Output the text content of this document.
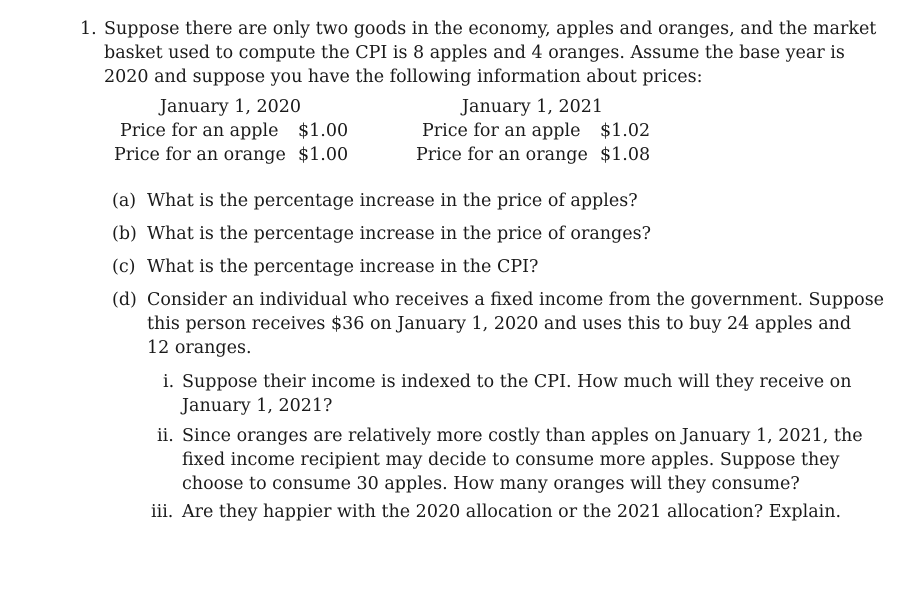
1. Suppose there are only two goods in the economy, apples and oranges, and the market
basket used to compute the CPI is 8 apples and 4 oranges. Assume the base year is
2020 and suppose you have the following information about prices:
January 1, 2020
Price for an apple $1.00
Price for an orange $1.00
January 1, 2021
Price for an apple $1.02
Price for an orange $1.08
(a) What is the percentage increase in the price of apples?
(b) What is the percentage increase in the price of oranges?
(c) What is the percentage increase in the CPI?
(d) Consider an individual who receives a fixed income from the government. Suppose
this person receives $36 on January 1, 2020 and uses this to buy 24 apples and
12 oranges.
i. Suppose their income is indexed to the CPI. How much will they receive on
January 1, 2021?
ii. Since oranges are relatively more costly than apples on January 1, 2021, the
fixed income recipient may decide to consume more apples. Suppose they
choose to consume 30 apples. How many oranges will they consume?
iii. Are they happier with the 2020 allocation or the 2021 allocation? Explain.
